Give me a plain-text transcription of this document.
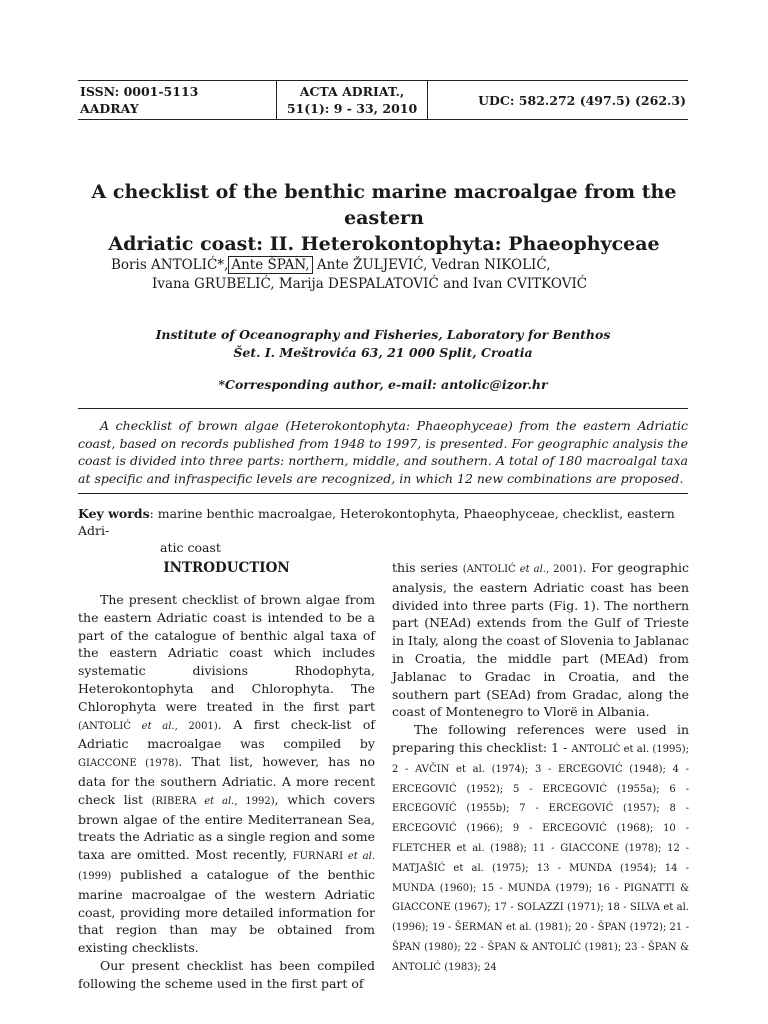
ISSN: 0001-5113
AADRAY
ACTA ADRIAT.,
51(1): 9 - 33, 2010
UDC: 582.272 (497.5) (262.3)
A checklist of the benthic marine macroalgae from the eastern
Adriatic coast: II. Heterokontophyta: Phaeophyceae
Boris ANTOLIĆ*, Ante ŠPAN, Ante ŽULJEVIĆ, Vedran NIKOLIĆ,
Ivana GRUBELIĆ, Marija DESPALATOVIĆ and Ivan CVITKOVIĆ
Institute of Oceanography and Fisheries, Laboratory for Benthos
Šet. I. Meštrovića 63, 21 000 Split, Croatia
*Corresponding author, e-mail: antolic@izor.hr

A checklist of brown algae (Heterokontophyta: Phaeophyceae) from the eastern Adriatic coast, based on records published from 1948 to 1997, is presented. For geographic analysis the coast is divided into three parts: northern, middle, and southern. A total of 180 macroalgal taxa at specific and infraspecific levels are recognized, in which 12 new combinations are proposed.

Key words: marine benthic macroalgae, Heterokontophyta, Phaeophyceae, checklist, eastern Adri-
atic coast
INTRODUCTION

The present checklist of brown algae from the eastern Adriatic coast is intended to be a part of the catalogue of benthic algal taxa of the eastern Adriatic coast which includes systematic divisions Rhodophyta, Heterokontophyta and Chlorophyta. The Chlorophyta were treated in the first part (ANTOLIĆ et al., 2001). A first check-list of Adriatic macroalgae was compiled by GIACCONE (1978). That list, however, has no data for the southern Adriatic. A more recent check list (RIBERA et al., 1992), which covers brown algae of the entire Mediterranean Sea, treats the Adriatic as a single region and some taxa are omitted. Most recently, FURNARI et al. (1999) published a catalogue of the benthic marine macroalgae of the western Adriatic coast, providing more detailed information for that region than may be obtained from existing checklists.

Our present checklist has been compiled following the scheme used in the first part of

this series (ANTOLIĆ et al., 2001). For geographic analysis, the eastern Adriatic coast has been divided into three parts (Fig. 1). The northern part (NEAd) extends from the Gulf of Trieste in Italy, along the coast of Slovenia to Jablanac in Croatia, the middle part (MEAd) from Jablanac to Gradac in Croatia, and the southern part (SEAd) from Gradac, along the coast of Montenegro to Vlorë in Albania.

The following references were used in preparing this checklist: 1 - ANTOLIĆ et al. (1995); 2 - AVČIN et al. (1974); 3 - ERCEGOVIĆ (1948); 4 - ERCEGOVIĆ (1952); 5 - ERCEGOVIĆ (1955a); 6 - ERCEGOVIĆ (1955b); 7 - ERCEGOVIĆ (1957); 8 - ERCEGOVIĆ (1966); 9 - ERCEGOVIĆ (1968); 10 - FLETCHER et al. (1988); 11 - GIACCONE (1978); 12 - MATJAŠIĆ et al. (1975); 13 - MUNDA (1954); 14 - MUNDA (1960); 15 - MUNDA (1979); 16 - PIGNATTI & GIACCONE (1967); 17 - SOLAZZI (1971); 18 - SILVA et al. (1996); 19 - ŠERMAN et al. (1981); 20 - ŠPAN (1972); 21 - ŠPAN (1980); 22 - ŠPAN & ANTOLIĆ (1981); 23 - ŠPAN & ANTOLIĆ (1983); 24
